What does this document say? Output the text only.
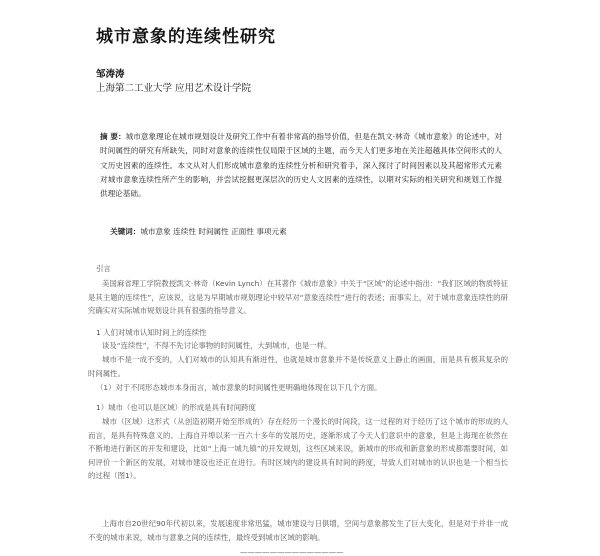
城市意象的连续性研究
邹涛涛
上海第二工业大学 应用艺术设计学院
摘 要：城市意象理论在城市规划设计及研究工作中有着非常高的指导价值，但是在凯文·林奇《城市意象》的论述中，对时间属性的研究有所缺失，同时对意象的连续性仅局限于区域的主题，而今天人们更多地在关注超越具体空间形式的人文历史因素的连续性。本文从对人们形成城市意象的连续性分析和研究着手，深入探讨了时间因素以及其超常形式元素对城市意象连续性所产生的影响，并尝试挖掘更深层次的历史人文因素的连续性，以期对实际的相关研究和规划工作提供理论基础。
关键词：城市意象 连续性 时间属性 正面性 事项元素
引言
美国麻省理工学院教授凯文·林奇（Kevin Lynch）在其著作《城市意象》中关于“区域”的论述中指出：“我们区域的物质特征是其主题的连续性”，应该说，这是为早期城市规划理论中较早对“意象连续性”进行的表述；而事实上，对于城市意象连续性的研究确实对实际城市规划设计具有很强的指导意义。
1 人们对城市认知时间上的连续性
谈及“连续性”，不得不先讨论事物的时间属性，大到城市，也是一样。
城市不是一成不变的，人们对城市的认知具有渐进性，也就是城市意象并不是传统意义上静止的画面，而是具有极其复杂的时间属性。
（1）对于不同形态城市本身而言，城市意象的时间属性更明确地体现在以下几个方面。
1）城市（也可以是区域）的形成是具有时间跨度
城市（区域）这形式（从创造初期开始至形成的）存在经历一个漫长的时间段，这一过程的对于经历了这个城市的形成的人而言，是具有特殊意义的。上海自开埠以来一百六十多年的发展历史，逐渐形成了今天人们意识中的意象，但是上海现在依然在不断地进行新区的开发和建设，比如“上海一城九镇”的开发规划，这些区域来说，新城市的形成和新意象的形成都需要时间，如何评价一个新区的发展，对城市建设也还正在进行。有时区域内的建设具有时间的跨度，导致人们对城市的认识也是一个相当长的过程（图1）。
上海市自20世纪90年代初以来，发展速度非常迅猛，城市建设与日俱增，空间与意象都发生了巨大变化，但是对于并非一成不变的城市来说，城市与意象之间的连续性，最终受到城市区域的影响。
——————————————
